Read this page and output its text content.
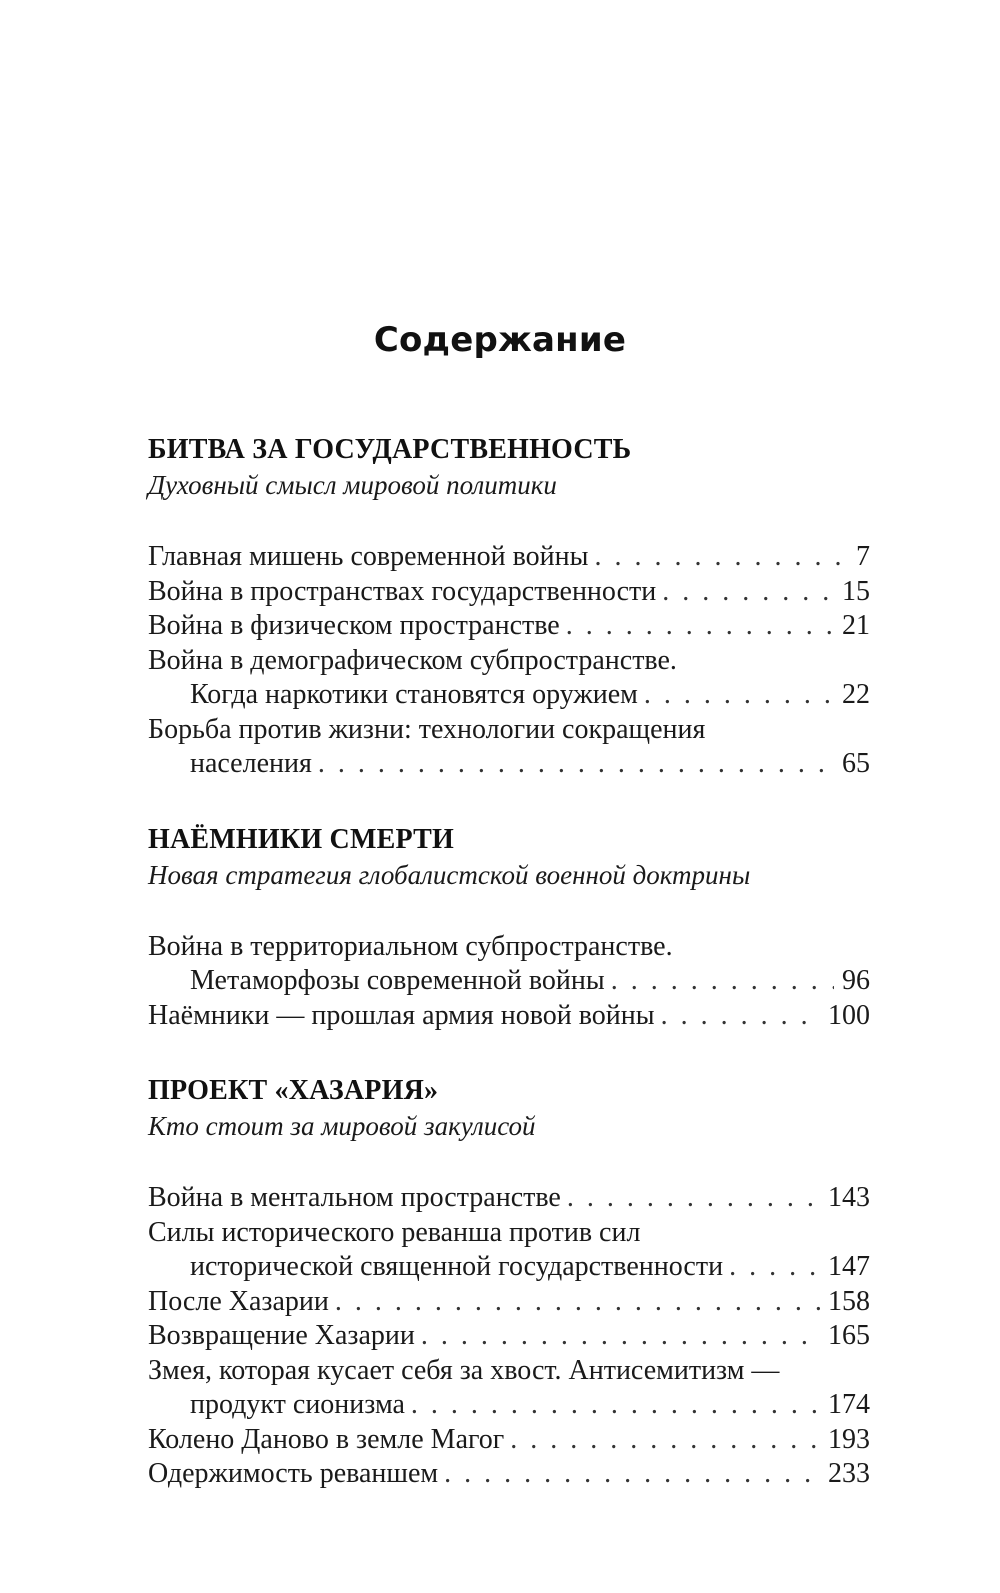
Содержание
БИТВА ЗА ГОСУДАРСТВЕННОСТЬ
Духовный смысл мировой политики
Главная мишень современной войны . . .	7
Война в пространствах государственности . . .	15
Война в физическом пространстве . . .	21
Война в демографическом субпространстве.
Когда наркотики становятся оружием . . .	22
Борьба против жизни: технологии сокращения
населения . . .	65
НАЁМНИКИ СМЕРТИ
Новая стратегия глобалистской военной доктрины
Война в территориальном субпространстве.
Метаморфозы современной войны . . .	96
Наёмники — прошлая армия новой войны . . .	100
ПРОЕКТ «ХАЗАРИЯ»
Кто стоит за мировой закулисой
Война в ментальном пространстве . . .	143
Силы исторического реванша против сил
исторической священной государственности . . .	147
После Хазарии . . .	158
Возвращение Хазарии . . .	165
Змея, которая кусает себя за хвост. Антисемитизм —
продукт сионизма . . .	174
Колено Даново в земле Магог . . .	193
Одержимость реваншем . . .	233
